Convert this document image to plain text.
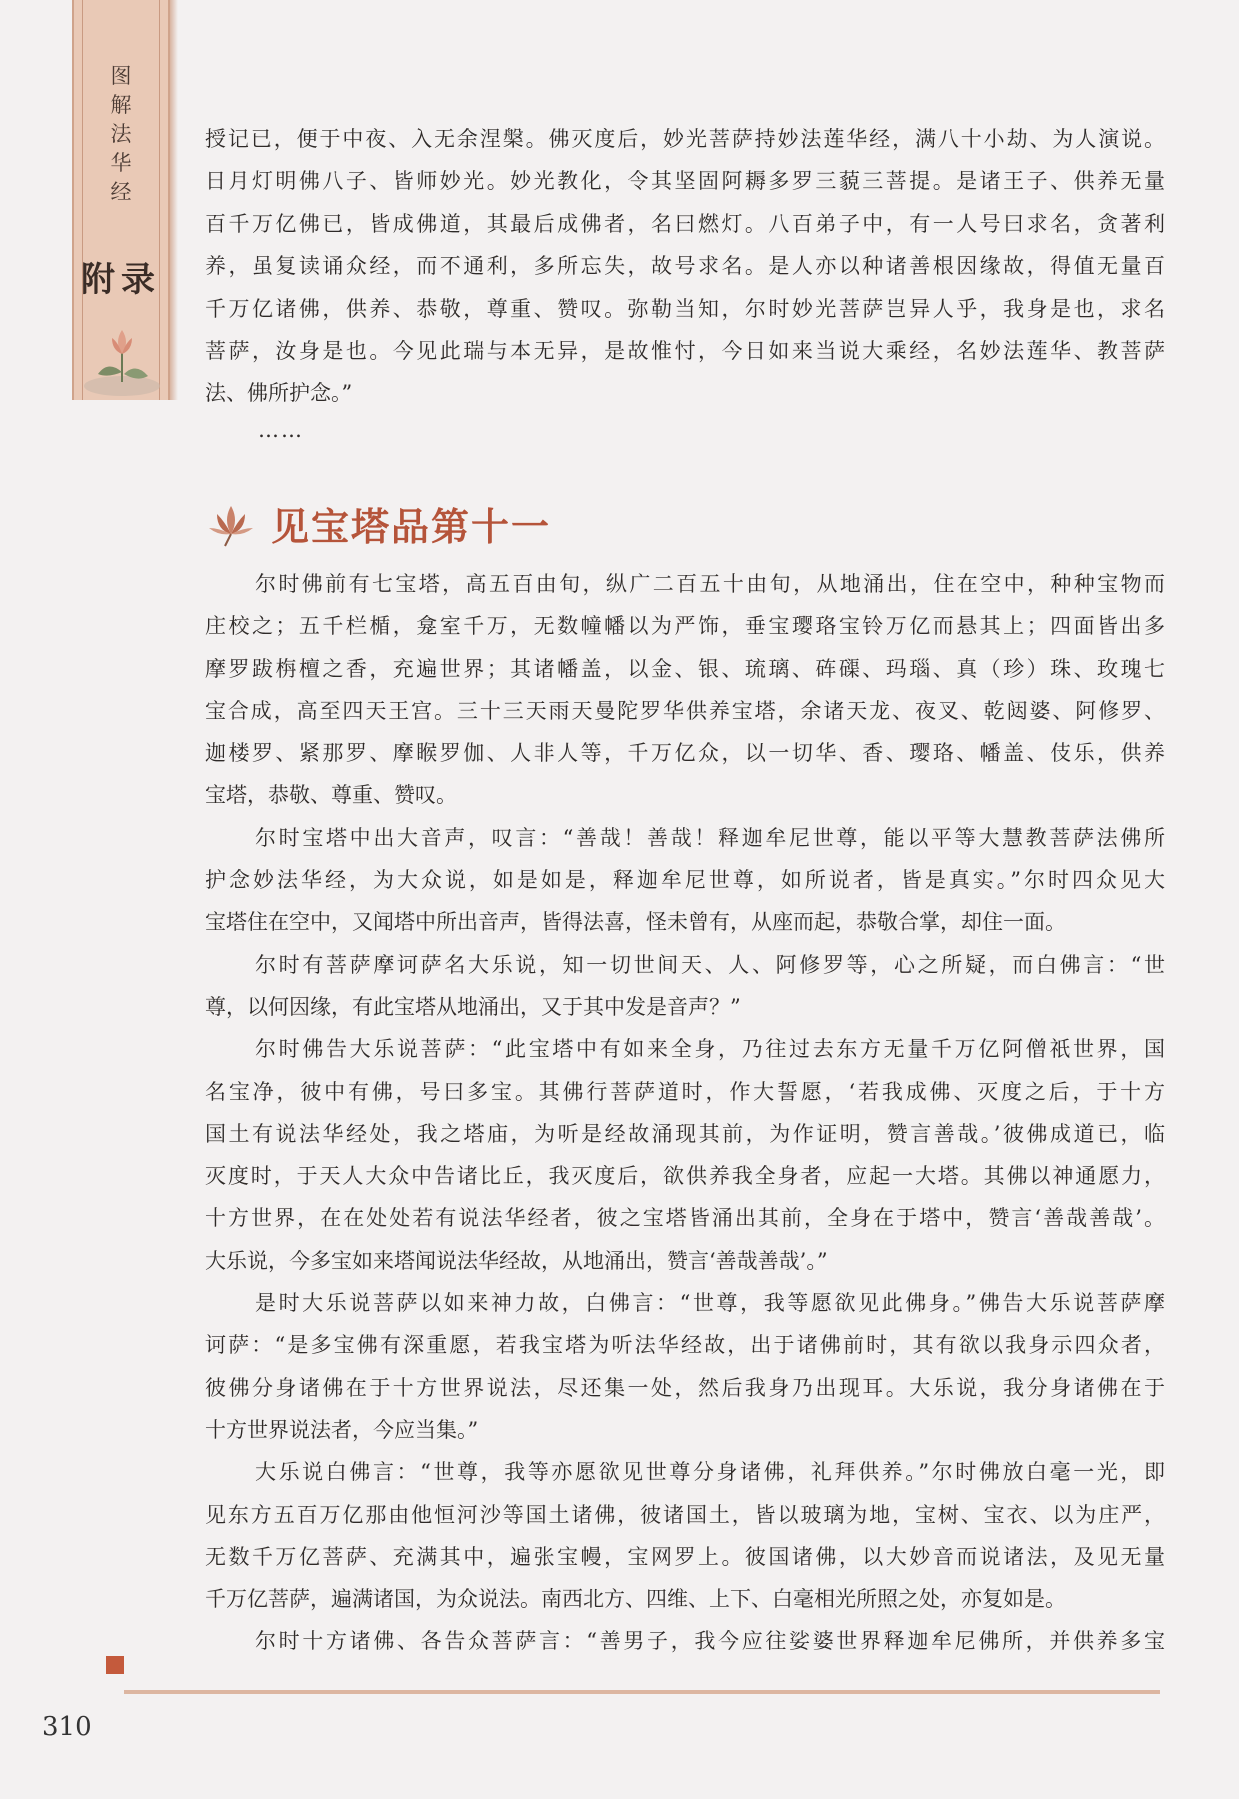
图
解
法
华
经
附录
授记已，便于中夜、入无余涅槃。佛灭度后，妙光菩萨持妙法莲华经，满八十小劫、为人演说。
日月灯明佛八子、皆师妙光。妙光教化，令其坚固阿耨多罗三藐三菩提。是诸王子、供养无量
百千万亿佛已，皆成佛道，其最后成佛者，名曰燃灯。八百弟子中，有一人号曰求名，贪著利
养，虽复读诵众经，而不通利，多所忘失，故号求名。是人亦以种诸善根因缘故，得值无量百
千万亿诸佛，供养、恭敬，尊重、赞叹。弥勒当知，尔时妙光菩萨岂异人乎，我身是也，求名
菩萨，汝身是也。今见此瑞与本无异，是故惟忖，今日如来当说大乘经，名妙法莲华、教菩萨
法、佛所护念。”
……
见宝塔品第十一
尔时佛前有七宝塔，高五百由旬，纵广二百五十由旬，从地涌出，住在空中，种种宝物而
庄校之；五千栏楯，龛室千万，无数幢幡以为严饰，垂宝璎珞宝铃万亿而悬其上；四面皆出多
摩罗跋栴檀之香，充遍世界；其诸幡盖，以金、银、琉璃、砗磲、玛瑙、真（珍）珠、玫瑰七
宝合成，高至四天王宫。三十三天雨天曼陀罗华供养宝塔，余诸天龙、夜叉、乾闼婆、阿修罗、
迦楼罗、紧那罗、摩睺罗伽、人非人等，千万亿众，以一切华、香、璎珞、幡盖、伎乐，供养
宝塔，恭敬、尊重、赞叹。
尔时宝塔中出大音声，叹言：“善哉！善哉！释迦牟尼世尊，能以平等大慧教菩萨法佛所
护念妙法华经，为大众说，如是如是，释迦牟尼世尊，如所说者，皆是真实。”尔时四众见大
宝塔住在空中，又闻塔中所出音声，皆得法喜，怪未曾有，从座而起，恭敬合掌，却住一面。
尔时有菩萨摩诃萨名大乐说，知一切世间天、人、阿修罗等，心之所疑，而白佛言：“世
尊，以何因缘，有此宝塔从地涌出，又于其中发是音声？”
尔时佛告大乐说菩萨：“此宝塔中有如来全身，乃往过去东方无量千万亿阿僧祇世界，国
名宝净，彼中有佛，号曰多宝。其佛行菩萨道时，作大誓愿，‘若我成佛、灭度之后，于十方
国土有说法华经处，我之塔庙，为听是经故涌现其前，为作证明，赞言善哉。’彼佛成道已，临
灭度时，于天人大众中告诸比丘，我灭度后，欲供养我全身者，应起一大塔。其佛以神通愿力，
十方世界，在在处处若有说法华经者，彼之宝塔皆涌出其前，全身在于塔中，赞言‘善哉善哉’。
大乐说，今多宝如来塔闻说法华经故，从地涌出，赞言‘善哉善哉’。”
是时大乐说菩萨以如来神力故，白佛言：“世尊，我等愿欲见此佛身。”佛告大乐说菩萨摩
诃萨：“是多宝佛有深重愿，若我宝塔为听法华经故，出于诸佛前时，其有欲以我身示四众者，
彼佛分身诸佛在于十方世界说法，尽还集一处，然后我身乃出现耳。大乐说，我分身诸佛在于
十方世界说法者，今应当集。”
大乐说白佛言：“世尊，我等亦愿欲见世尊分身诸佛，礼拜供养。”尔时佛放白毫一光，即
见东方五百万亿那由他恒河沙等国土诸佛，彼诸国土，皆以玻璃为地，宝树、宝衣、以为庄严，
无数千万亿菩萨、充满其中，遍张宝幔，宝网罗上。彼国诸佛，以大妙音而说诸法，及见无量
千万亿菩萨，遍满诸国，为众说法。南西北方、四维、上下、白毫相光所照之处，亦复如是。
尔时十方诸佛、各告众菩萨言：“善男子，我今应往娑婆世界释迦牟尼佛所，并供养多宝
310
